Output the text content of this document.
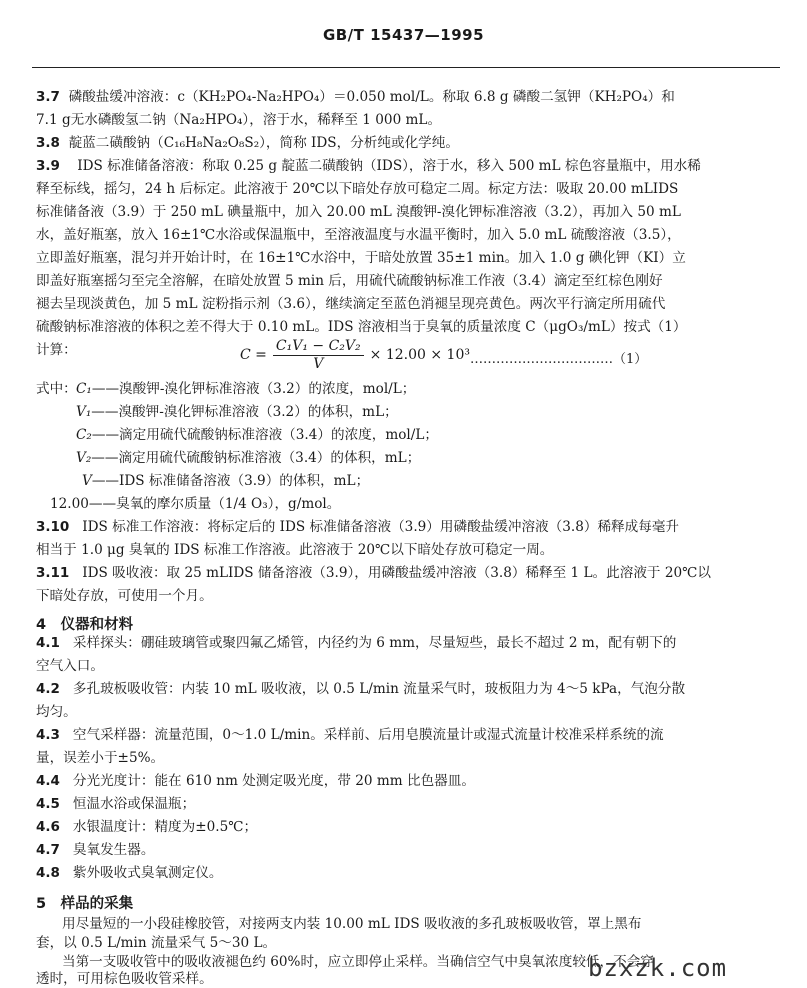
GB/T 15437—1995
3.7 磷酸盐缓冲溶液：c（KH₂PO₄-Na₂HPO₄）＝0.050 mol/L。称取 6.8 g 磷酸二氢钾（KH₂PO₄）和
7.1 g无水磷酸氢二钠（Na₂HPO₄），溶于水，稀释至 1 000 mL。
3.8 靛蓝二磺酸钠（C₁₆H₈Na₂O₈S₂），简称 IDS，分析纯或化学纯。
3.9 IDS 标准储备溶液：称取 0.25 g 靛蓝二磺酸钠（IDS），溶于水，移入 500 mL 棕色容量瓶中，用水稀
释至标线，摇匀，24 h 后标定。此溶液于 20℃以下暗处存放可稳定二周。标定方法：吸取 20.00 mLIDS
标准储备液（3.9）于 250 mL 碘量瓶中，加入 20.00 mL 溴酸钾-溴化钾标准溶液（3.2），再加入 50 mL
水，盖好瓶塞，放入 16±1℃水浴或保温瓶中，至溶液温度与水温平衡时，加入 5.0 mL 硫酸溶液（3.5），
立即盖好瓶塞，混匀并开始计时，在 16±1℃水浴中，于暗处放置 35±1 min。加入 1.0 g 碘化钾（KI）立
即盖好瓶塞摇匀至完全溶解，在暗处放置 5 min 后，用硫代硫酸钠标准工作液（3.4）滴定至红棕色刚好
褪去呈现淡黄色，加 5 mL 淀粉指示剂（3.6），继续滴定至蓝色消褪呈现亮黄色。两次平行滴定所用硫代
硫酸钠标准溶液的体积之差不得大于 0.10 mL。IDS 溶液相当于臭氧的质量浓度 C（μgO₃/mL）按式（1）
计算：	$C = \frac{\text{C₁V₁ − C₂V₂}}{V} \times 12.00 \times 10^3$ ……………………………（1）
式中： C₁——溴酸钾-溴化钾标准溶液（3.2）的浓度，mol/L；
V₁——溴酸钾-溴化钾标准溶液（3.2）的体积，mL；
C₂——滴定用硫代硫酸钠标准溶液（3.4）的浓度，mol/L；
V₂——滴定用硫代硫酸钠标准溶液（3.4）的体积，mL；
V——IDS 标准储备溶液（3.9）的体积，mL；
12.00——臭氧的摩尔质量（1/4 O₃），g/mol。
3.10 IDS 标准工作溶液：将标定后的 IDS 标准储备溶液（3.9）用磷酸盐缓冲溶液（3.8）稀释成每毫升
相当于 1.0 μg 臭氧的 IDS 标准工作溶液。此溶液于 20℃以下暗处存放可稳定一周。
3.11 IDS 吸收液：取 25 mLIDS 储备溶液（3.9），用磷酸盐缓冲溶液（3.8）稀释至 1 L。此溶液于 20℃以
下暗处存放，可使用一个月。
4　仪器和材料
4.1 采样探头：硼硅玻璃管或聚四氟乙烯管，内径约为 6 mm，尽量短些，最长不超过 2 m，配有朝下的
空气入口。
4.2 多孔玻板吸收管：内装 10 mL 吸收液，以 0.5 L/min 流量采气时，玻板阻力为 4～5 kPa，气泡分散
均匀。
4.3 空气采样器：流量范围，0～1.0 L/min。采样前、后用皂膜流量计或湿式流量计校准采样系统的流
量，误差小于±5%。
4.4 分光光度计：能在 610 nm 处测定吸光度，带 20 mm 比色器皿。
4.5 恒温水浴或保温瓶；
4.6 水银温度计：精度为±0.5℃；
4.7 臭氧发生器。
4.8 紫外吸收式臭氧测定仪。
5　样品的采集
用尽量短的一小段硅橡胶管，对接两支内装 10.00 mL IDS 吸收液的多孔玻板吸收管，罩上黑布
套，以 0.5 L/min 流量采气 5～30 L。
当第一支吸收管中的吸收液褪色约 60%时，应立即停止采样。当确信空气中臭氧浓度较低，不会穿
透时，可用棕色吸收管采样。	bzxzk.com
